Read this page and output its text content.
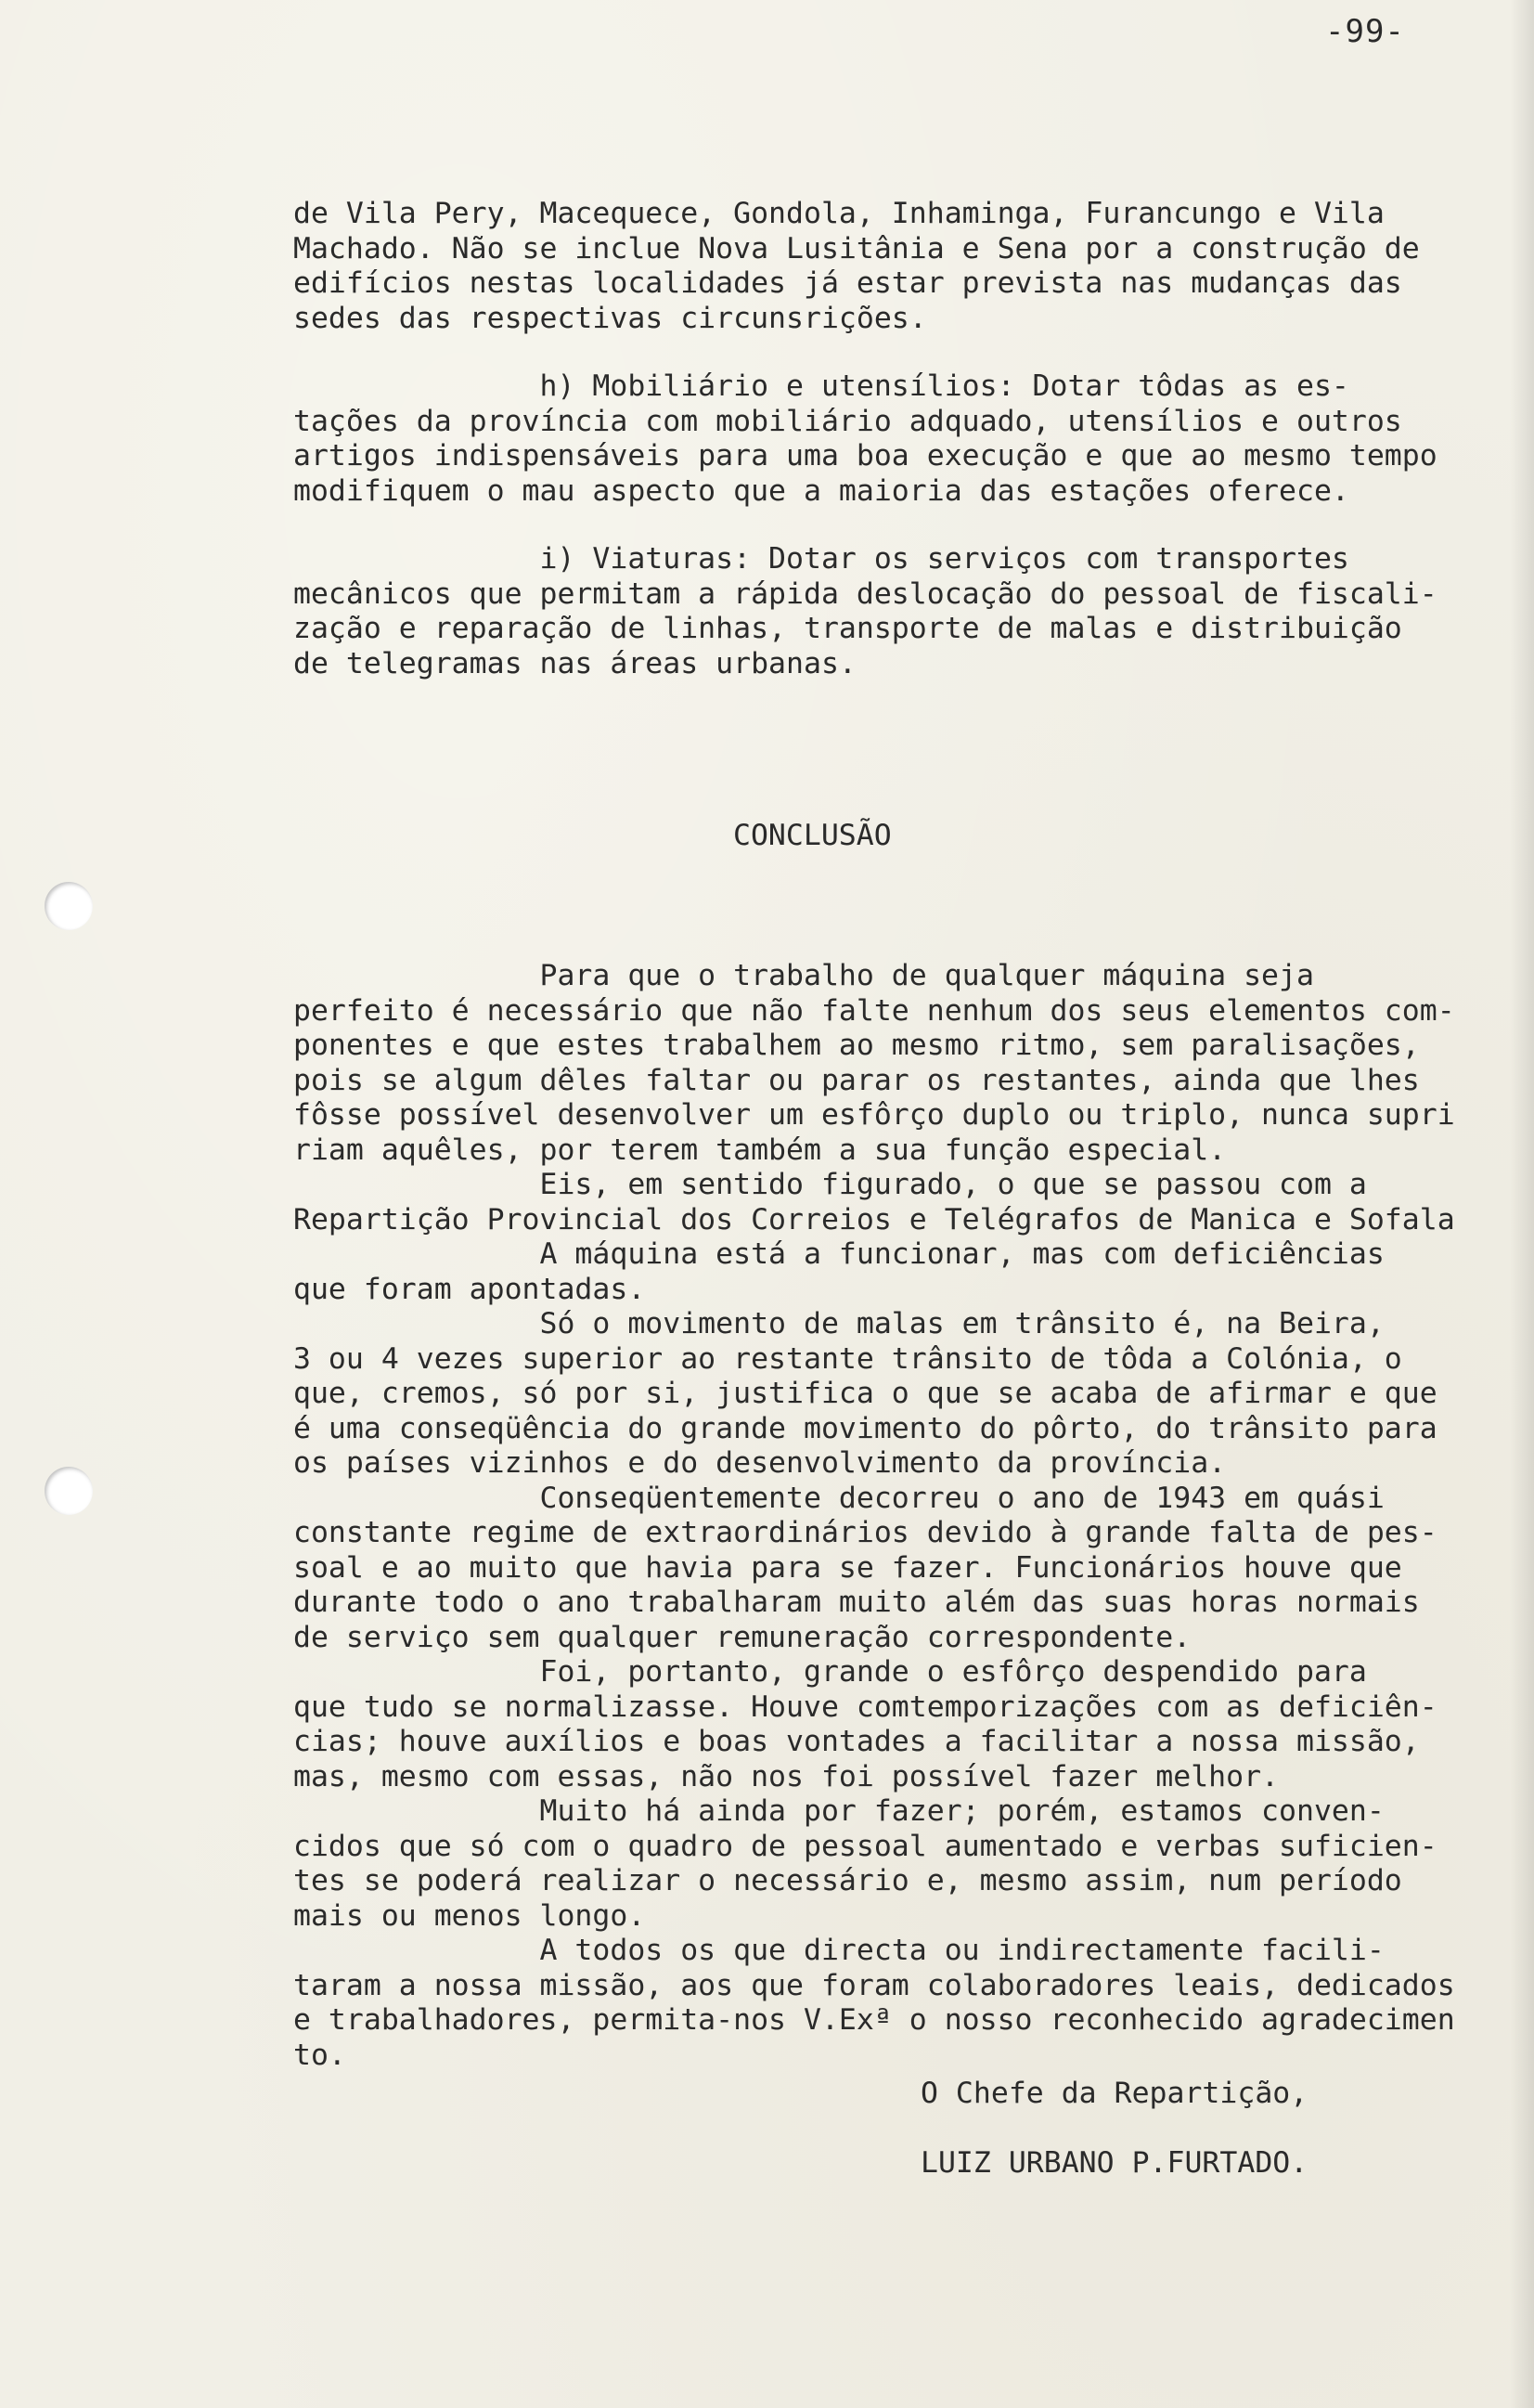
-99-
de Vila Pery, Macequece, Gondola, Inhaminga, Furancungo e Vila
Machado. Não se inclue Nova Lusitânia e Sena por a construção de
edifícios nestas localidades já estar prevista nas mudanças das
sedes das respectivas circunsrições.
h) Mobiliário e utensílios: Dotar tôdas as es-
tações da província com mobiliário adquado, utensílios e outros
artigos indispensáveis para uma boa execução e que ao mesmo tempo
modifiquem o mau aspecto que a maioria das estações oferece.
i) Viaturas: Dotar os serviços com transportes
mecânicos que permitam a rápida deslocação do pessoal de fiscali-
zação e reparação de linhas, transporte de malas e distribuição
de telegramas nas áreas urbanas.
CONCLUSÃO
Para que o trabalho de qualquer máquina seja
perfeito é necessário que não falte nenhum dos seus elementos com-
ponentes e que estes trabalhem ao mesmo ritmo, sem paralisações,
pois se algum dêles faltar ou parar os restantes, ainda que lhes
fôsse possível desenvolver um esfôrço duplo ou triplo, nunca supri
riam aquêles, por terem também a sua função especial.
Eis, em sentido figurado, o que se passou com a
Repartição Provincial dos Correios e Telégrafos de Manica e Sofala
A máquina está a funcionar, mas com deficiências
que foram apontadas.
Só o movimento de malas em trânsito é, na Beira,
3 ou 4 vezes superior ao restante trânsito de tôda a Colónia, o
que, cremos, só por si, justifica o que se acaba de afirmar e que
é uma conseqüência do grande movimento do pôrto, do trânsito para
os países vizinhos e do desenvolvimento da província.
Conseqüentemente decorreu o ano de 1943 em quási
constante regime de extraordinários devido à grande falta de pes-
soal e ao muito que havia para se fazer. Funcionários houve que
durante todo o ano trabalharam muito além das suas horas normais
de serviço sem qualquer remuneração correspondente.
Foi, portanto, grande o esfôrço despendido para
que tudo se normalizasse. Houve comtemporizações com as deficiên-
cias; houve auxílios e boas vontades a facilitar a nossa missão,
mas, mesmo com essas, não nos foi possível fazer melhor.
Muito há ainda por fazer; porém, estamos conven-
cidos que só com o quadro de pessoal aumentado e verbas suficien-
tes se poderá realizar o necessário e, mesmo assim, num período
mais ou menos longo.
A todos os que directa ou indirectamente facili-
taram a nossa missão, aos que foram colaboradores leais, dedicados
e trabalhadores, permita-nos V.Exª o nosso reconhecido agradecimen
to.
O Chefe da Repartição,
LUIZ URBANO P.FURTADO.
